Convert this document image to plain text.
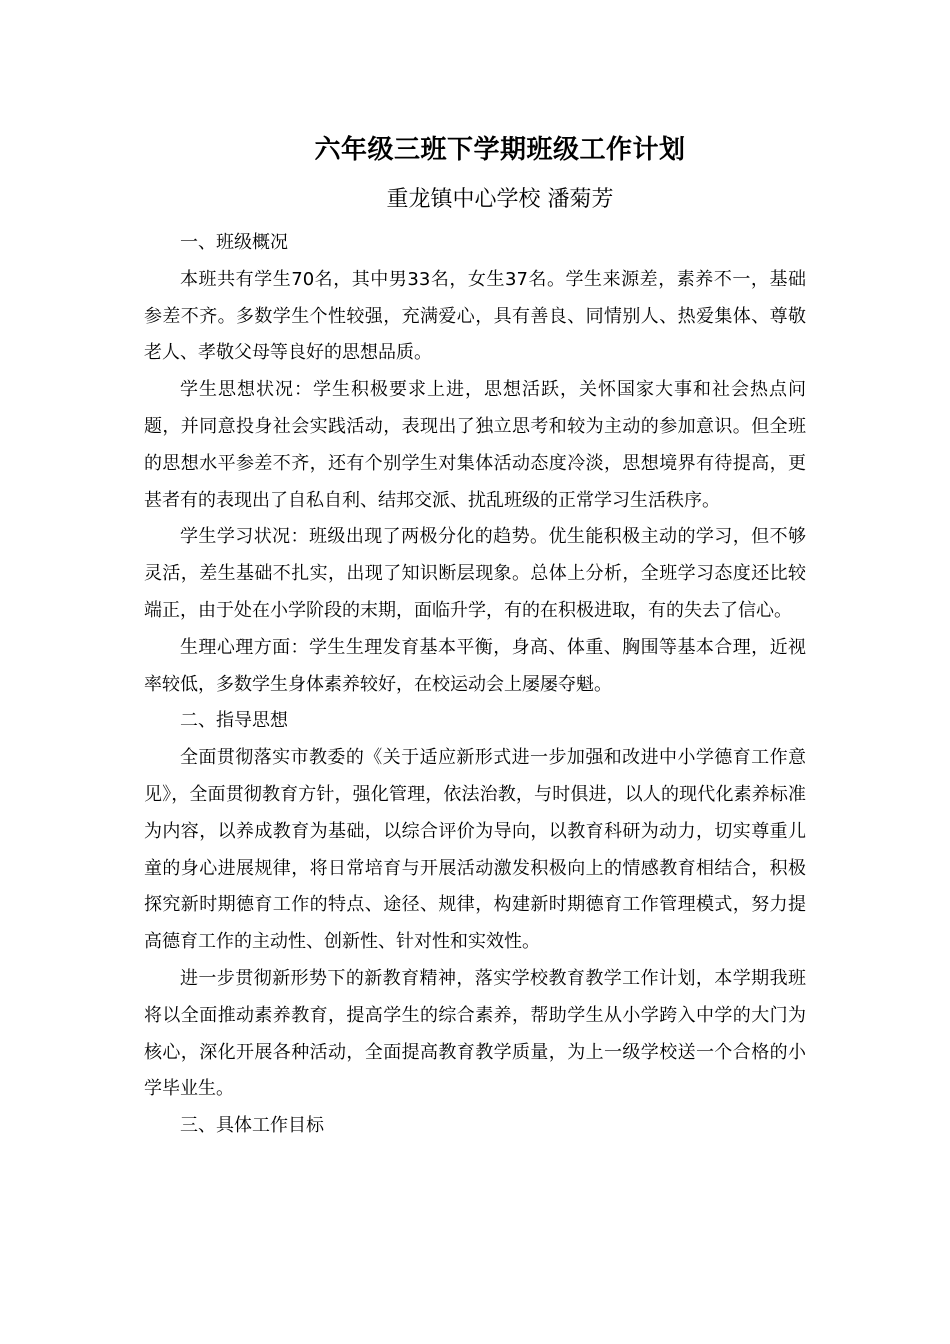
六年级三班下学期班级工作计划
重龙镇中心学校 潘菊芳

一、班级概况

本班共有学生70名，其中男33名，女生37名。学生来源差，素养不一，基础参差不齐。多数学生个性较强，充满爱心，具有善良、同情别人、热爱集体、尊敬老人、孝敬父母等良好的思想品质。

学生思想状况：学生积极要求上进，思想活跃，关怀国家大事和社会热点问题，并同意投身社会实践活动，表现出了独立思考和较为主动的参加意识。但全班的思想水平参差不齐，还有个别学生对集体活动态度冷淡，思想境界有待提高，更甚者有的表现出了自私自利、结邦交派、扰乱班级的正常学习生活秩序。

学生学习状况：班级出现了两极分化的趋势。优生能积极主动的学习，但不够灵活，差生基础不扎实，出现了知识断层现象。总体上分析，全班学习态度还比较端正，由于处在小学阶段的末期，面临升学，有的在积极进取，有的失去了信心。

生理心理方面：学生生理发育基本平衡，身高、体重、胸围等基本合理，近视率较低，多数学生身体素养较好，在校运动会上屡屡夺魁。

二、指导思想

全面贯彻落实市教委的《关于适应新形式进一步加强和改进中小学德育工作意见》，全面贯彻教育方针，强化管理，依法治教，与时俱进，以人的现代化素养标准为内容，以养成教育为基础，以综合评价为导向，以教育科研为动力，切实尊重儿童的身心进展规律，将日常培育与开展活动激发积极向上的情感教育相结合，积极探究新时期德育工作的特点、途径、规律，构建新时期德育工作管理模式，努力提高德育工作的主动性、创新性、针对性和实效性。

进一步贯彻新形势下的新教育精神，落实学校教育教学工作计划，本学期我班将以全面推动素养教育，提高学生的综合素养，帮助学生从小学跨入中学的大门为核心，深化开展各种活动，全面提高教育教学质量，为上一级学校送一个合格的小学毕业生。

三、具体工作目标
